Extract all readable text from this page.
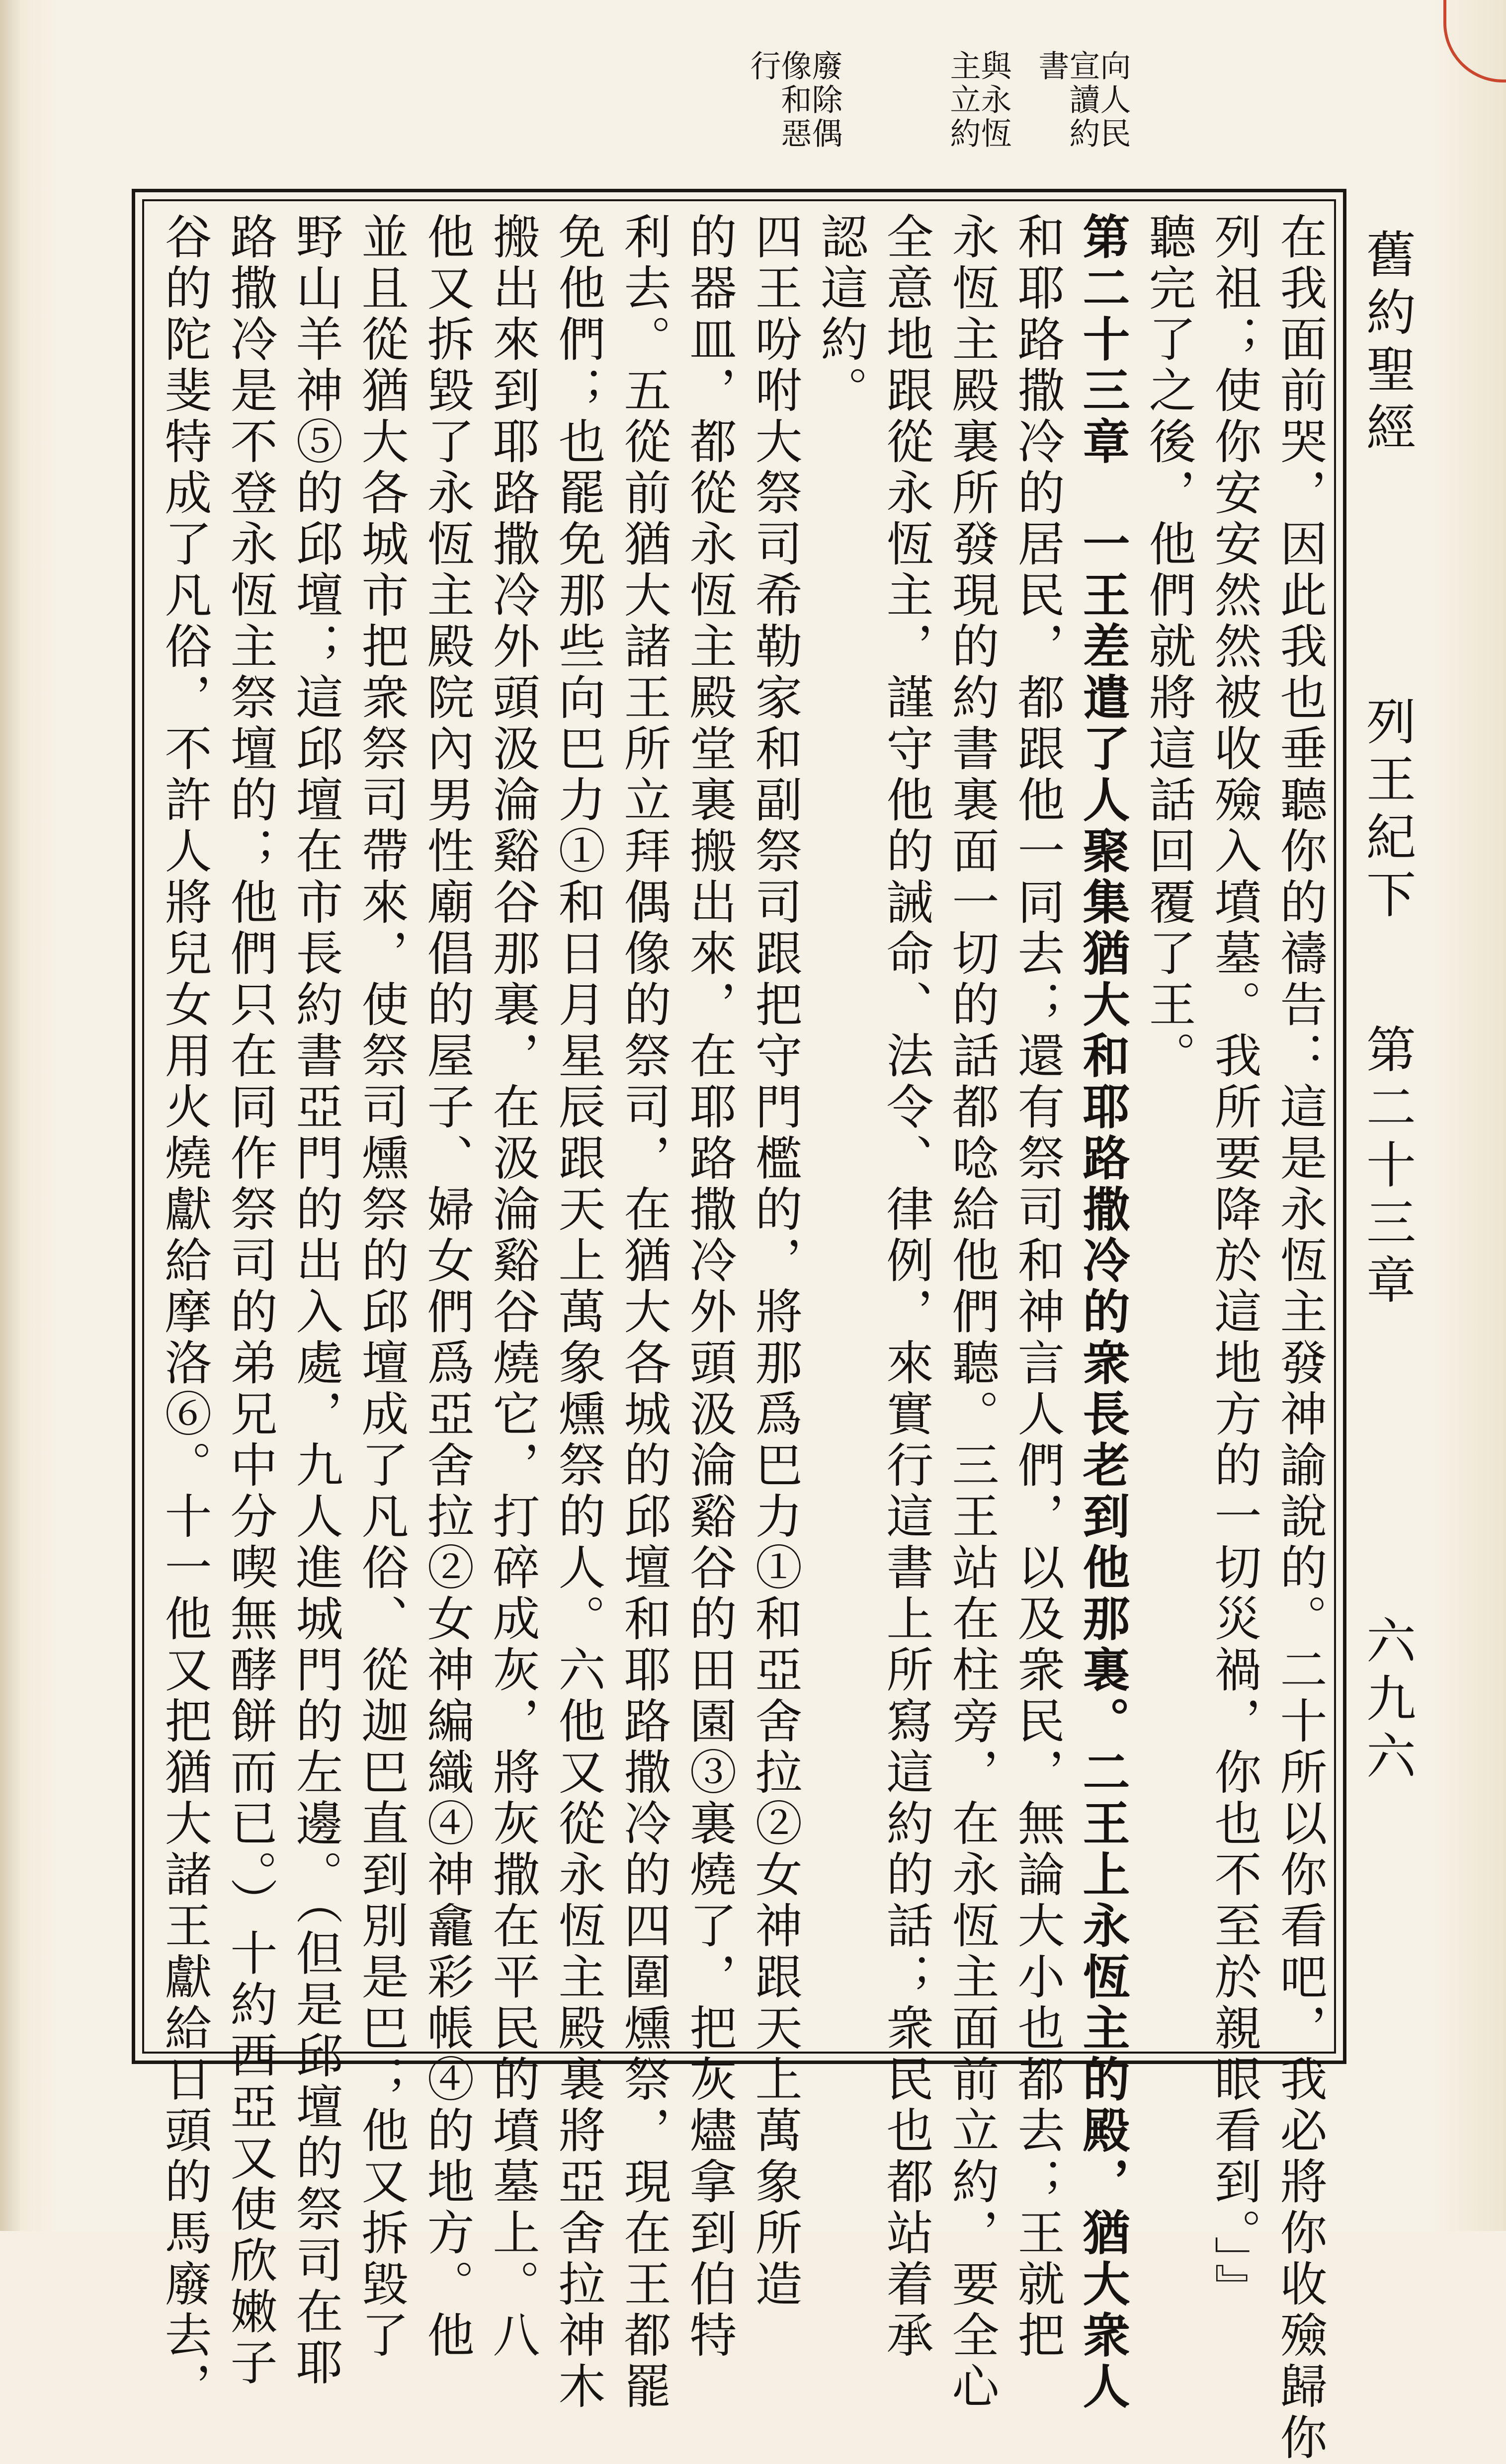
舊約聖經
列王紀下
第二十三章
六九六
向人民宣讀約書
與永恆主立約
廢除偶像和惡行
在我面前哭，因此我也垂聽你的禱告：這是永恆主發神諭說的。二十所以你看吧，我必將你收殮歸你
列祖；使你安安然然被收殮入墳墓。我所要降於這地方的一切災禍，你也不至於親眼看到。」』
聽完了之後，他們就將這話回覆了王。
第二十三章　一王差遣了人聚集猶大和耶路撒冷的衆長老到他那裏。二王上永恆主的殿，猶大衆人
和耶路撒冷的居民，都跟他一同去；還有祭司和神言人們，以及衆民，無論大小也都去；王就把
永恆主殿裏所發現的約書裏面一切的話都唸給他們聽。三王站在柱旁，在永恆主面前立約，要全心
全意地跟從永恆主，謹守他的誡命、法令、律例，來實行這書上所寫這約的話；衆民也都站着承
認這約。
四王吩咐大祭司希勒家和副祭司跟把守門檻的，將那爲巴力①和亞舍拉②女神跟天上萬象所造
的器皿，都從永恆主殿堂裏搬出來，在耶路撒冷外頭汲淪谿谷的田園③裏燒了，把灰燼拿到伯特
利去。五從前猶大諸王所立拜偶像的祭司，在猶大各城的邱壇和耶路撒冷的四圍燻祭，現在王都罷
免他們；也罷免那些向巴力①和日月星辰跟天上萬象燻祭的人。六他又從永恆主殿裏將亞舍拉神木
搬出來到耶路撒冷外頭汲淪谿谷那裏，在汲淪谿谷燒它，打碎成灰，將灰撒在平民的墳墓上。八
他又拆毀了永恆主殿院內男性廟倡的屋子、婦女們爲亞舍拉②女神編織④神龕彩帳④的地方。他
並且從猶大各城市把衆祭司帶來，使祭司燻祭的邱壇成了凡俗、從迦巴直到別是巴；他又拆毀了
野山羊神⑤的邱壇；這邱壇在市長約書亞門的出入處，九人進城門的左邊。（但是邱壇的祭司在耶
路撒冷是不登永恆主祭壇的；他們只在同作祭司的弟兄中分喫無酵餅而已。）十約西亞又使欣嫩子
谷的陀斐特成了凡俗，不許人將兒女用火燒獻給摩洛⑥。十一他又把猶大諸王獻給日頭的馬廢去，
